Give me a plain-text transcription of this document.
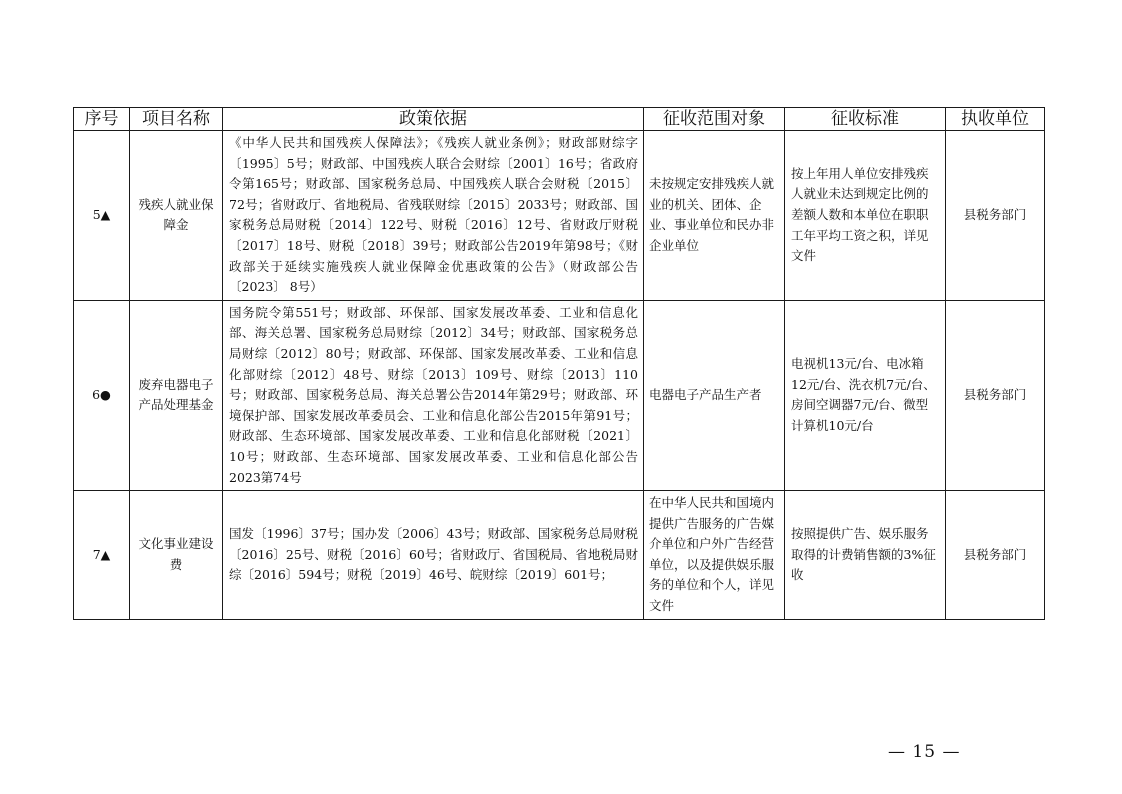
序号	项目名称	政策依据	征收范围对象	征收标准	执收单位
5▲	残疾人就业保障金	《中华人民共和国残疾人保障法》；《残疾人就业条例》；财政部财综字〔1995〕5号；财政部、中国残疾人联合会财综〔2001〕16号；省政府令第165号；财政部、国家税务总局、中国残疾人联合会财税〔2015〕72号；省财政厅、省地税局、省残联财综〔2015〕2033号；财政部、国家税务总局财税〔2014〕122号、财税〔2016〕12号、省财政厅财税〔2017〕18号、财税〔2018〕39号；财政部公告2019年第98号；《财政部关于延续实施残疾人就业保障金优惠政策的公告》（财政部公告〔2023〕 8号）	未按规定安排残疾人就业的机关、团体、企业、事业单位和民办非企业单位	按上年用人单位安排残疾人就业未达到规定比例的差额人数和本单位在职职工年平均工资之积，详见文件	县税务部门
6●	废弃电器电子产品处理基金	国务院令第551号；财政部、环保部、国家发展改革委、工业和信息化部、海关总署、国家税务总局财综〔2012〕34号；财政部、国家税务总局财综〔2012〕80号；财政部、环保部、国家发展改革委、工业和信息化部财综〔2012〕48号、财综〔2013〕109号、财综〔2013〕110号；财政部、国家税务总局、海关总署公告2014年第29号；财政部、环境保护部、国家发展改革委员会、工业和信息化部公告2015年第91号；财政部、生态环境部、国家发展改革委、工业和信息化部财税〔2021〕10号；财政部、生态环境部、国家发展改革委、工业和信息化部公告2023第74号	电器电子产品生产者	电视机13元/台、电冰箱12元/台、洗衣机7元/台、房间空调器7元/台、微型计算机10元/台	县税务部门
7▲	文化事业建设费	国发〔1996〕37号；国办发〔2006〕43号；财政部、国家税务总局财税〔2016〕25号、财税〔2016〕60号；省财政厅、省国税局、省地税局财综〔2016〕594号；财税〔2019〕46号、皖财综〔2019〕601号；	在中华人民共和国境内提供广告服务的广告媒介单位和户外广告经营单位，以及提供娱乐服务的单位和个人，详见文件	按照提供广告、娱乐服务取得的计费销售额的3%征收	县税务部门
— 15 —
